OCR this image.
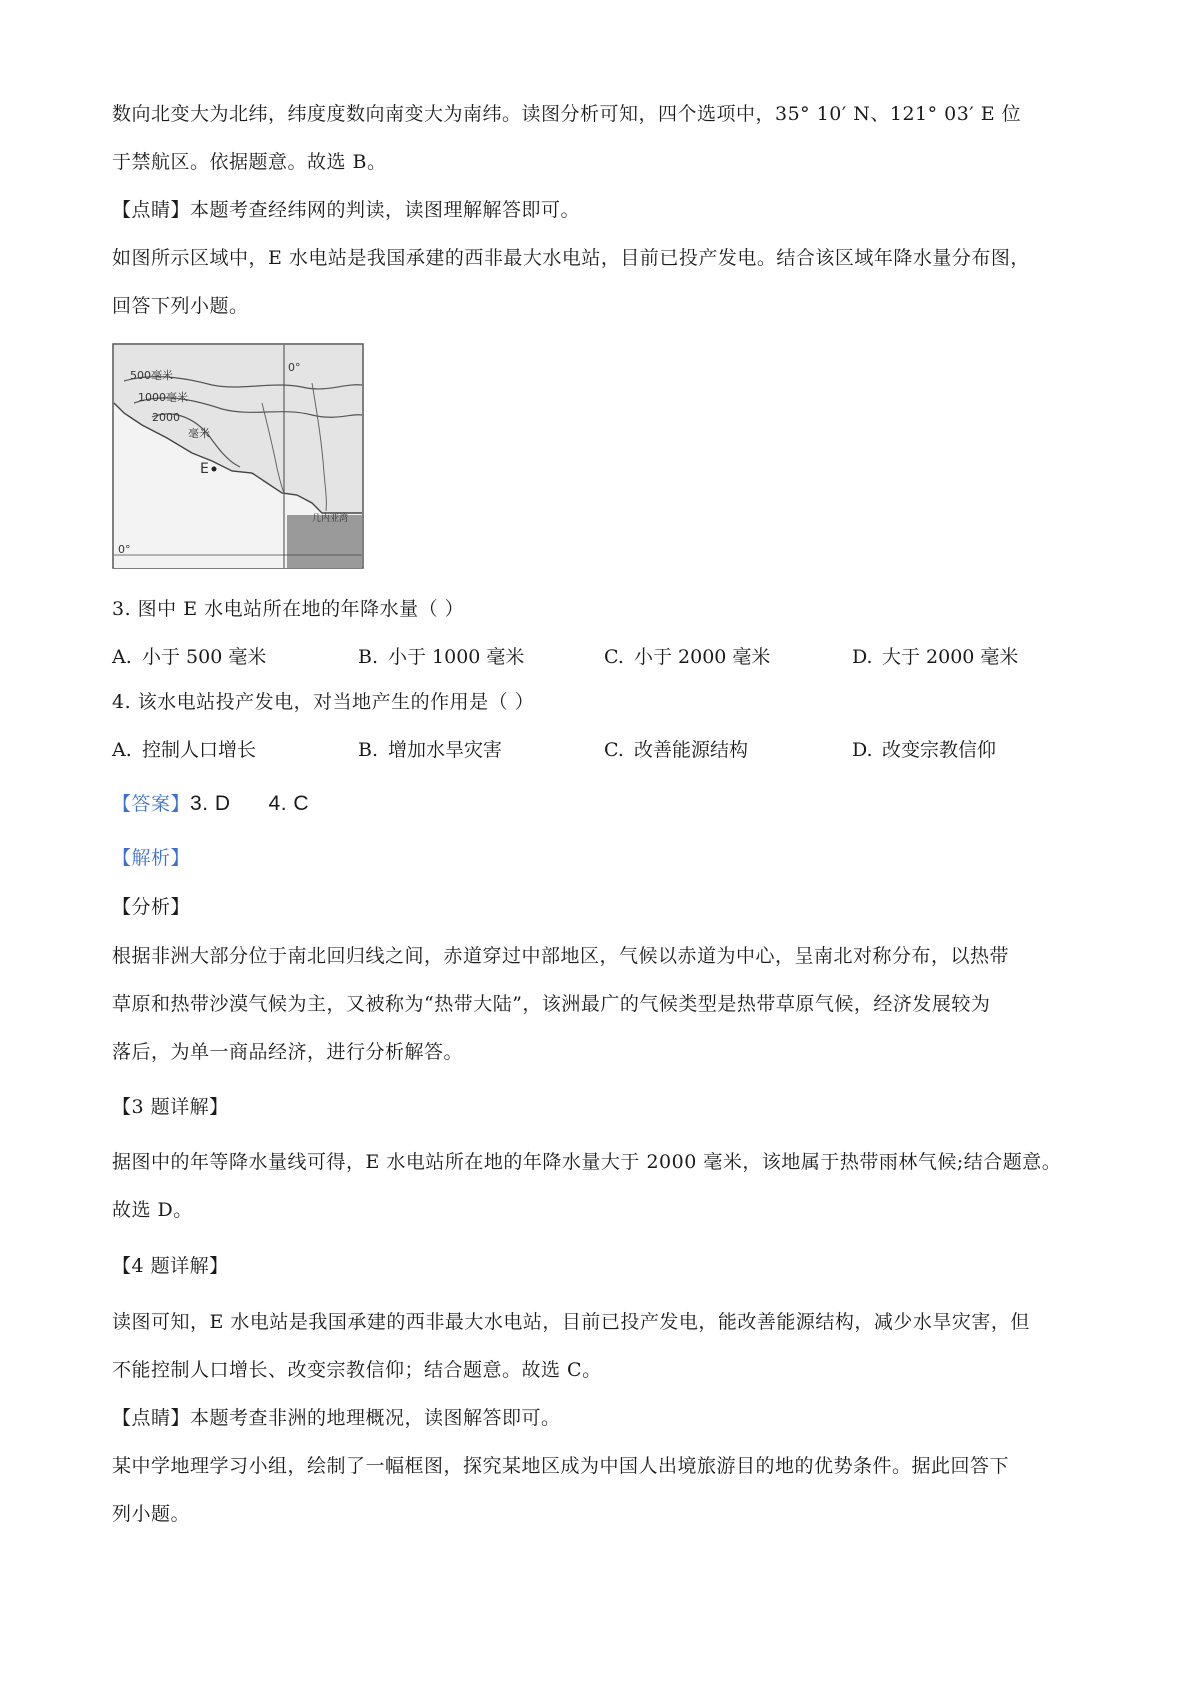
数向北变大为北纬，纬度度数向南变大为南纬。读图分析可知，四个选项中，35° 10′ N、121° 03′ E 位
于禁航区。依据题意。故选 B。
【点睛】本题考查经纬网的判读，读图理解解答即可。
如图所示区域中，E 水电站是我国承建的西非最大水电站，目前已投产发电。结合该区域年降水量分布图，
回答下列小题。
几内亚湾
0°
0°
500毫米
1000毫米
2000
毫米
E
3. 图中 E 水电站所在地的年降水量（ ）
A. 小于 500 毫米	B. 小于 1000 毫米	C. 小于 2000 毫米	D. 大于 2000 毫米
4. 该水电站投产发电，对当地产生的作用是（ ）
A. 控制人口增长	B. 增加水旱灾害	C. 改善能源结构	D. 改变宗教信仰
【答案】3. D 4. C
【解析】
【分析】
根据非洲大部分位于南北回归线之间，赤道穿过中部地区，气候以赤道为中心，呈南北对称分布，以热带
草原和热带沙漠气候为主，又被称为“热带大陆”，该洲最广的气候类型是热带草原气候，经济发展较为
落后，为单一商品经济，进行分析解答。
【3 题详解】
据图中的年等降水量线可得，E 水电站所在地的年降水量大于 2000 毫米，该地属于热带雨林气候;结合题意。
故选 D。
【4 题详解】
读图可知，E 水电站是我国承建的西非最大水电站，目前已投产发电，能改善能源结构，减少水旱灾害，但
不能控制人口增长、改变宗教信仰；结合题意。故选 C。
【点睛】本题考查非洲的地理概况，读图解答即可。
某中学地理学习小组，绘制了一幅框图，探究某地区成为中国人出境旅游目的地的优势条件。据此回答下
列小题。
